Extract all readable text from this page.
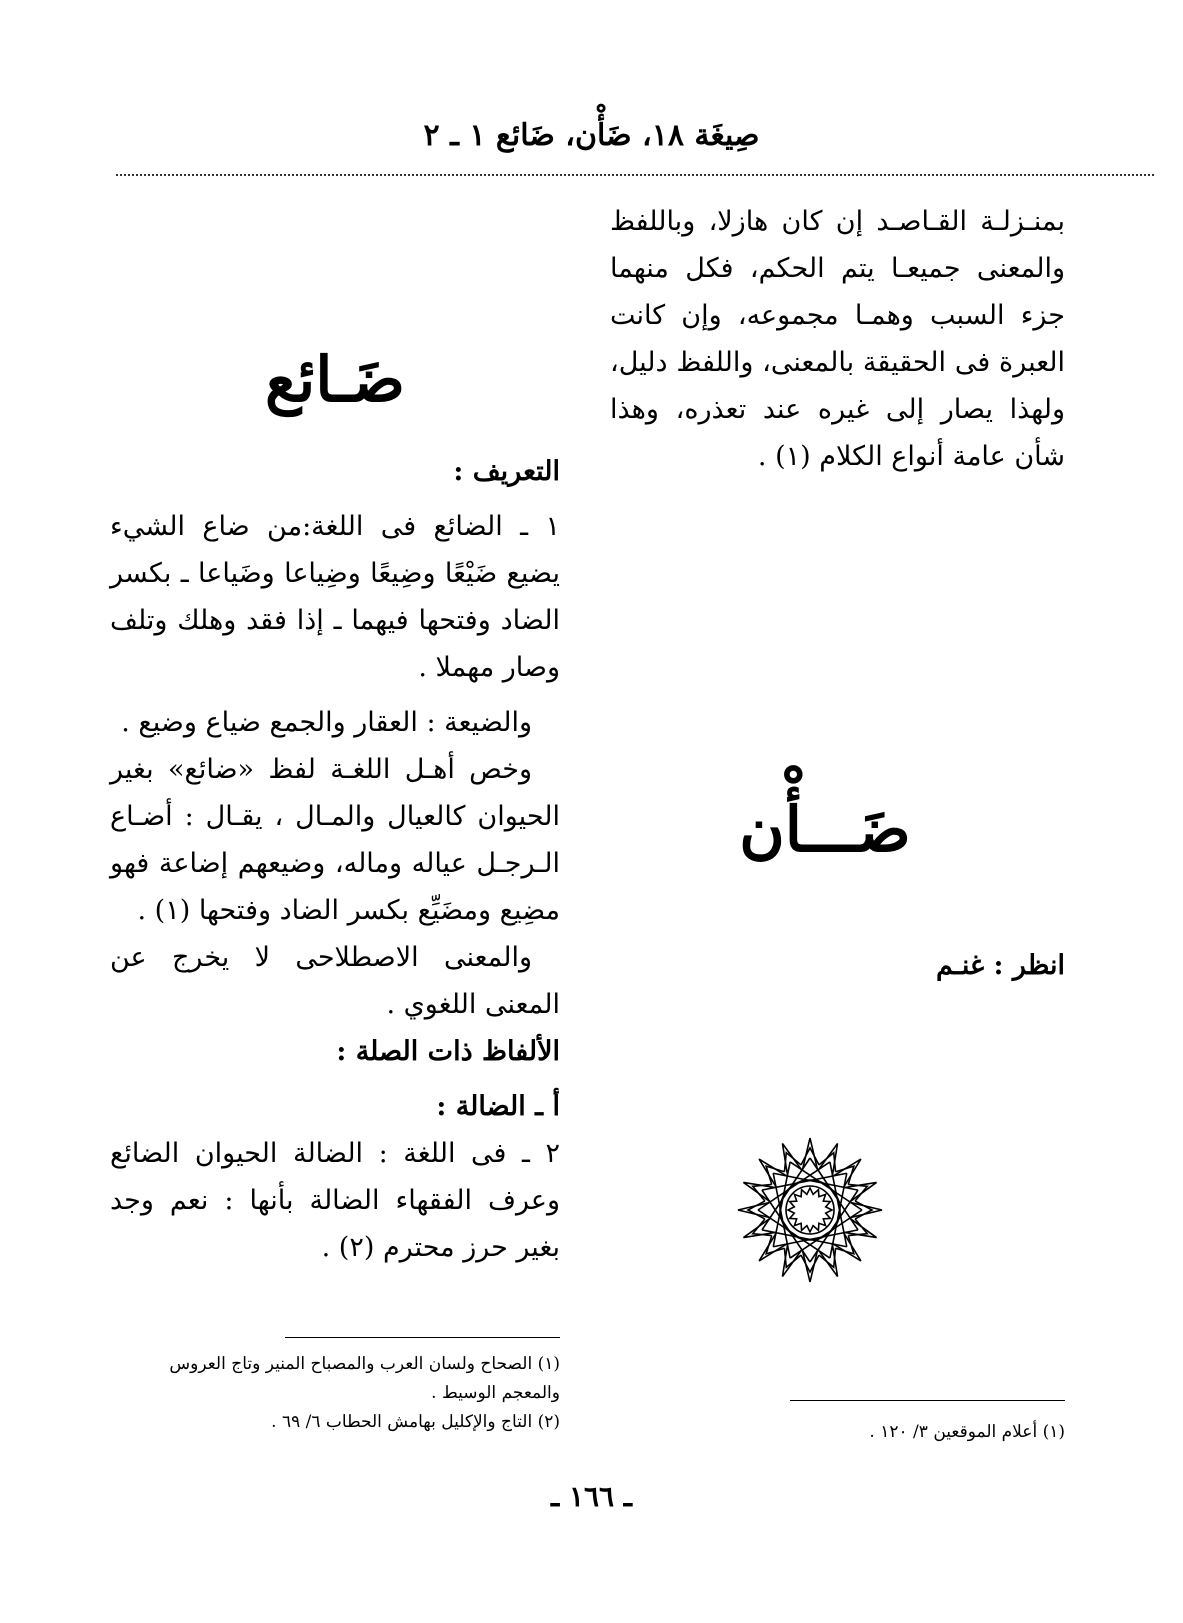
صِيغَة ١٨، ضَأْن، ضَائع ١ ـ ٢

بمنـزلـة القـاصـد إن كان هازلا، وباللفظ والمعنى جميعـا يتم الحكم، فكل منهما جزء السبب وهمـا مجموعه، وإن كانت العبرة فى الحقيقة بالمعنى، واللفظ دليل، ولهذا يصار إلى غيره عند تعذره، وهذا شأن عامة أنواع الكلام (١) .

ضَـــأْن
انظر : غنـم
ضَـائع

التعريف :

١ ـ الضائع فى اللغة:من ضاع الشيء يضيع ضَيْعًا وضِيعًا وضِياعا وضَياعا ـ بكسر الضاد وفتحها فيهما ـ إذا فقد وهلك وتلف وصار مهملا .

والضيعة : العقار والجمع ضياع وضيع .

وخص أهـل اللغـة لفظ «ضائع» بغير الحيوان كالعيال والمـال ، يقـال : أضـاع الـرجـل عياله وماله، وضيعهم إضاعة فهو مضِيع ومضَيِّع بكسر الضاد وفتحها (١) .

والمعنى الاصطلاحى لا يخرج عن المعنى اللغوي .

الألفاظ ذات الصلة :

أ ـ الضالة :

٢ ـ فى اللغة : الضالة الحيوان الضائع وعرف الفقهاء الضالة بأنها : نعم وجد بغير حرز محترم (٢) .

(١) الصحاح ولسان العرب والمصباح المنير وتاج العروس والمعجم الوسيط .

(٢) التاج والإكليل بهامش الحطاب ٦/ ٦٩ .	(١) أعلام الموقعين ٣/ ١٢٠ .

ـ ١٦٦ ـ
